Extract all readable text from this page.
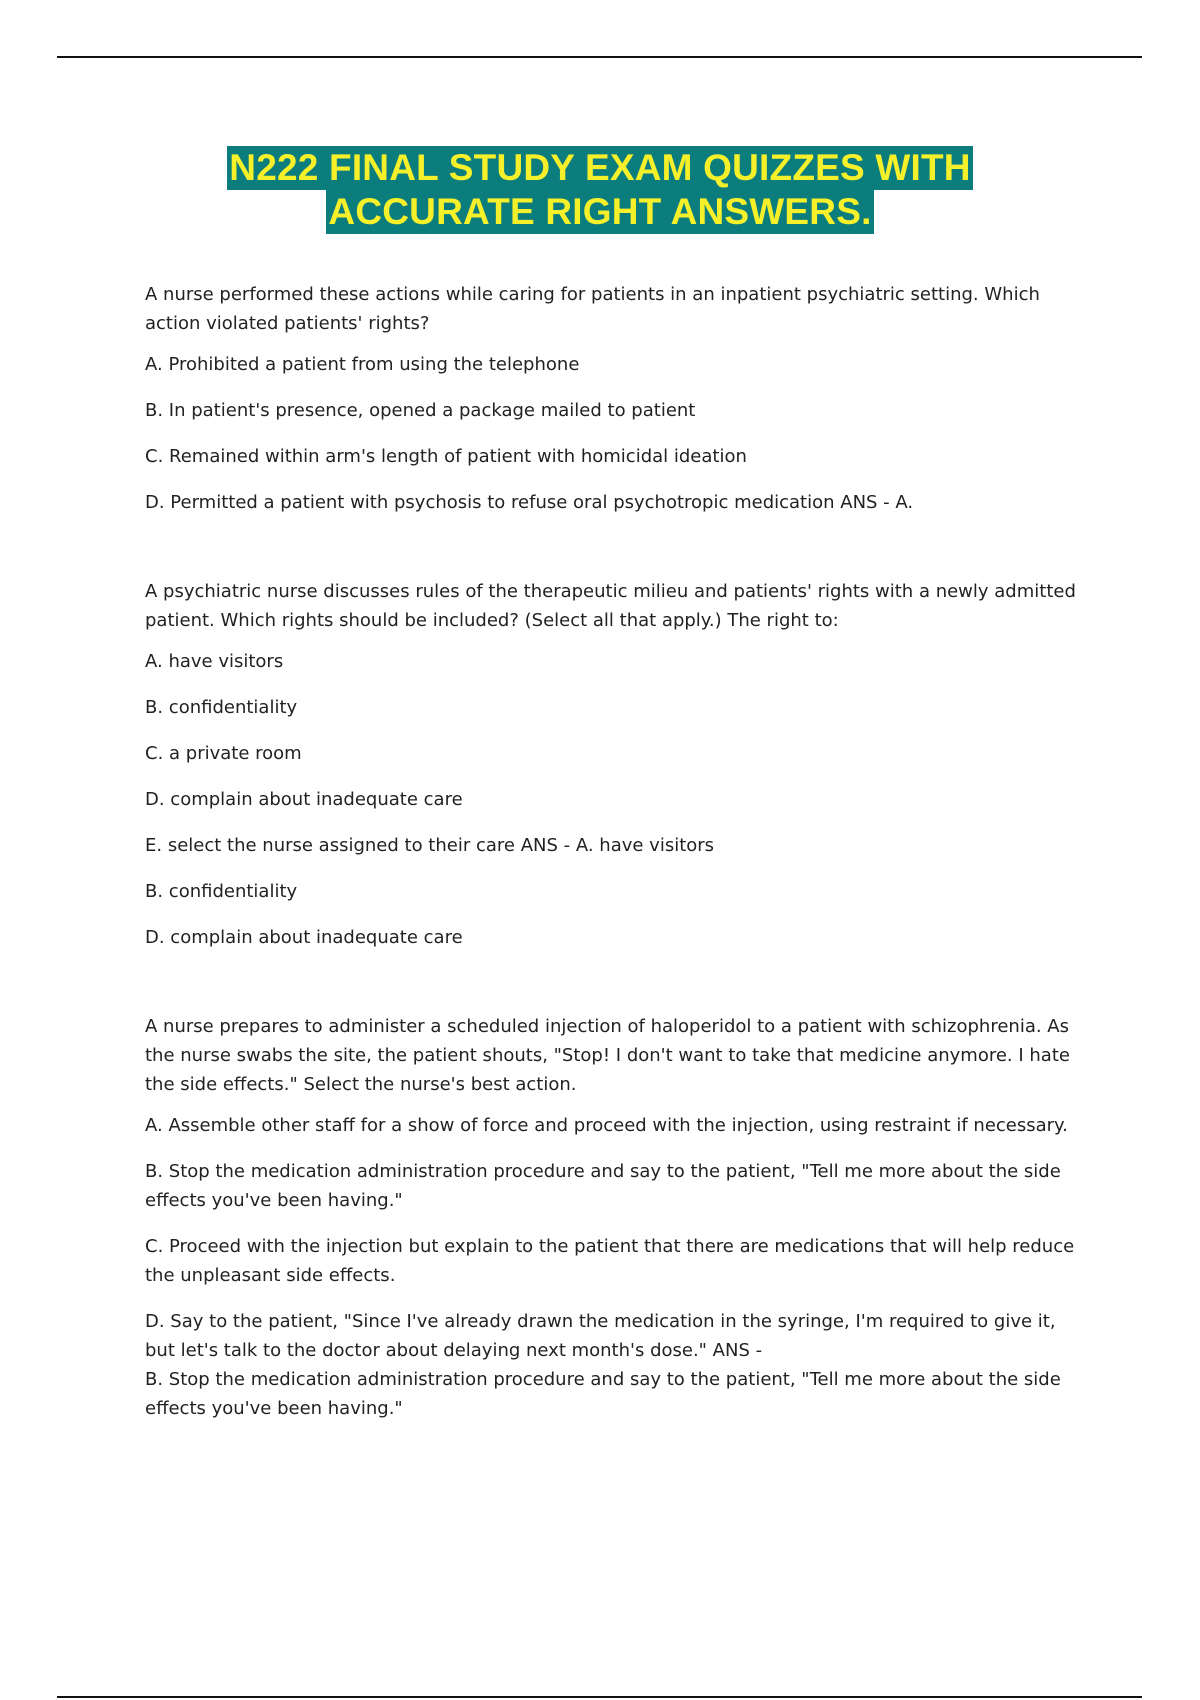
N222 FINAL STUDY EXAM QUIZZES WITH
ACCURATE RIGHT ANSWERS.

A nurse performed these actions while caring for patients in an inpatient psychiatric setting. Which action violated patients' rights?

A. Prohibited a patient from using the telephone

B. In patient's presence, opened a package mailed to patient

C. Remained within arm's length of patient with homicidal ideation

D. Permitted a patient with psychosis to refuse oral psychotropic medication ANS - A.

A psychiatric nurse discusses rules of the therapeutic milieu and patients' rights with a newly admitted patient. Which rights should be included? (Select all that apply.) The right to:

A. have visitors

B. confidentiality

C. a private room

D. complain about inadequate care

E. select the nurse assigned to their care ANS - A. have visitors

B. confidentiality

D. complain about inadequate care

A nurse prepares to administer a scheduled injection of haloperidol to a patient with schizophrenia. As the nurse swabs the site, the patient shouts, "Stop! I don't want to take that medicine anymore. I hate the side effects." Select the nurse's best action.

A. Assemble other staff for a show of force and proceed with the injection, using restraint if necessary.

B. Stop the medication administration procedure and say to the patient, "Tell me more about the side effects you've been having."

C. Proceed with the injection but explain to the patient that there are medications that will help reduce the unpleasant side effects.

D. Say to the patient, "Since I've already drawn the medication in the syringe, I'm required to give it, but let's talk to the doctor about delaying next month's dose." ANS -

B. Stop the medication administration procedure and say to the patient, "Tell me more about the side effects you've been having."
